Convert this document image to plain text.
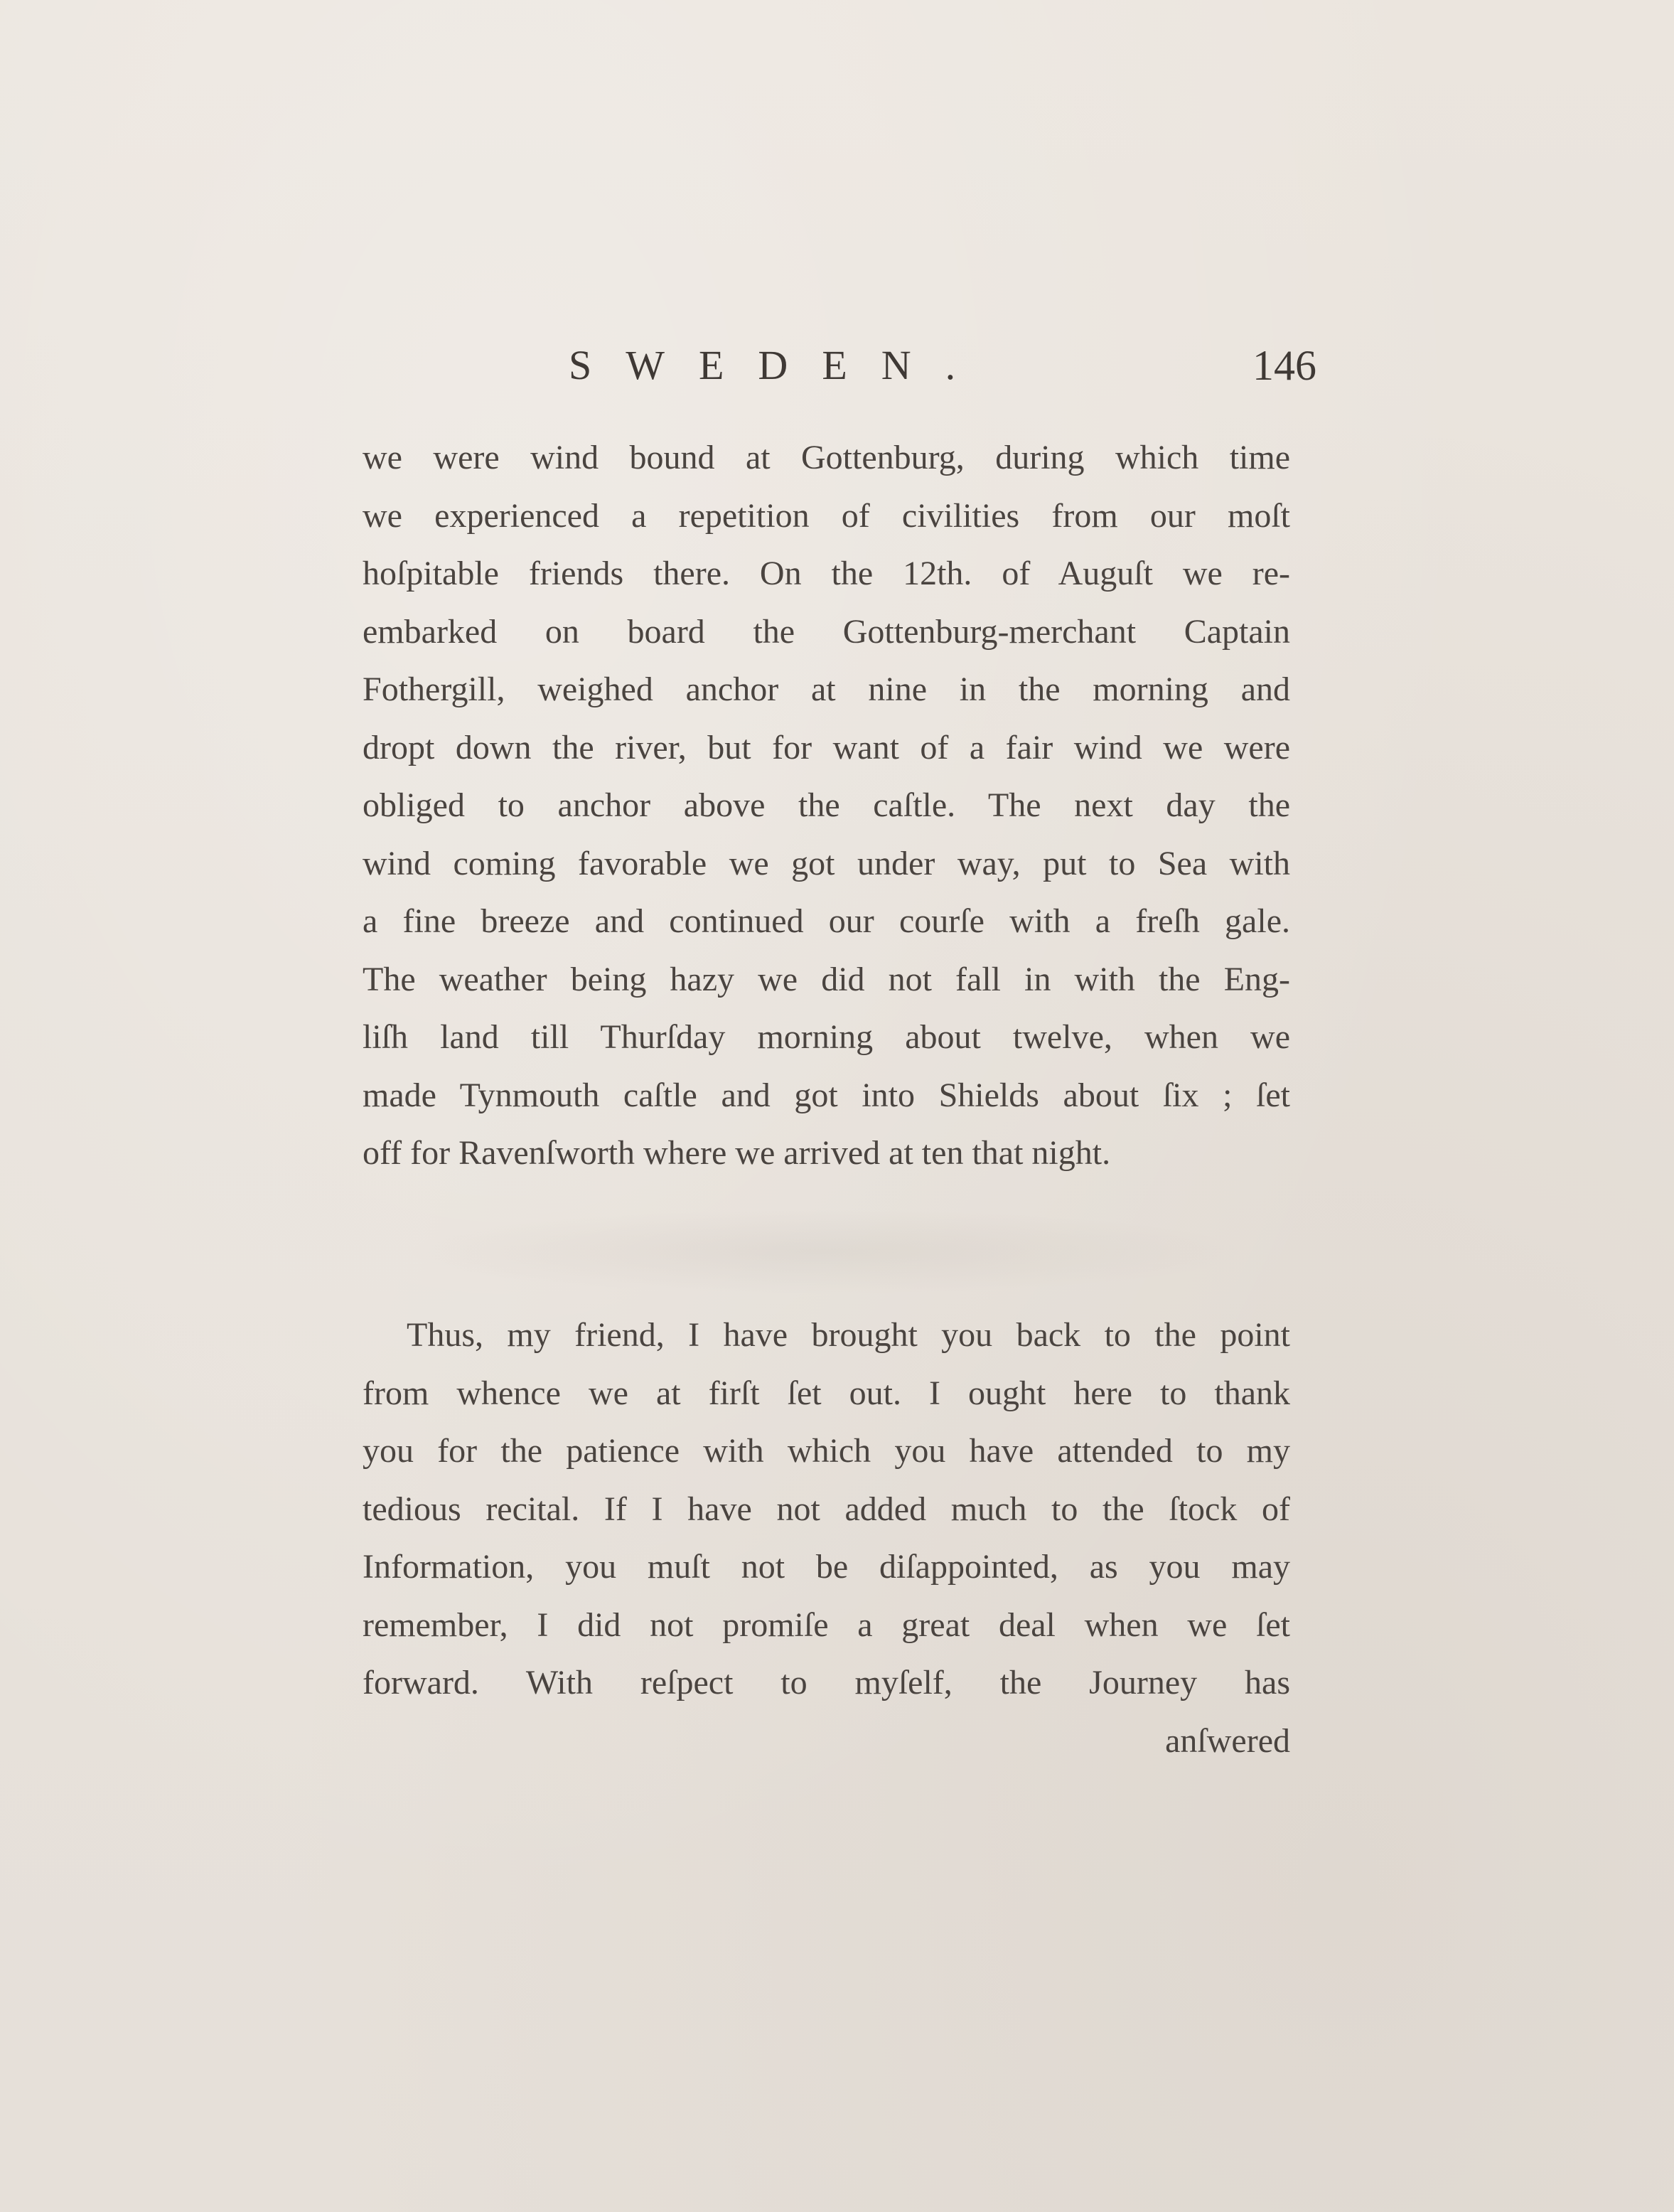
SWEDEN.	146
we were wind bound at Gottenburg, during which time
we experienced a repetition of civilities from our moſt
hoſpitable friends there. On the 12th. of Auguſt we re-
embarked on board the Gottenburg-merchant Captain
Fothergill, weighed anchor at nine in the morning and
dropt down the river, but for want of a fair wind we were
obliged to anchor above the caſtle. The next day the
wind coming favorable we got under way, put to Sea with
a fine breeze and continued our courſe with a freſh gale.
The weather being hazy we did not fall in with the Eng-
liſh land till Thurſday morning about twelve, when we
made Tynmouth caſtle and got into Shields about ſix ; ſet
off for Ravenſworth where we arrived at ten that night.
Thus, my friend, I have brought you back to the point
from whence we at firſt ſet out. I ought here to thank
you for the patience with which you have attended to my
tedious recital. If I have not added much to the ſtock of
Information, you muſt not be diſappointed, as you may
remember, I did not promiſe a great deal when we ſet
forward. With reſpect to myſelf, the Journey has
anſwered
